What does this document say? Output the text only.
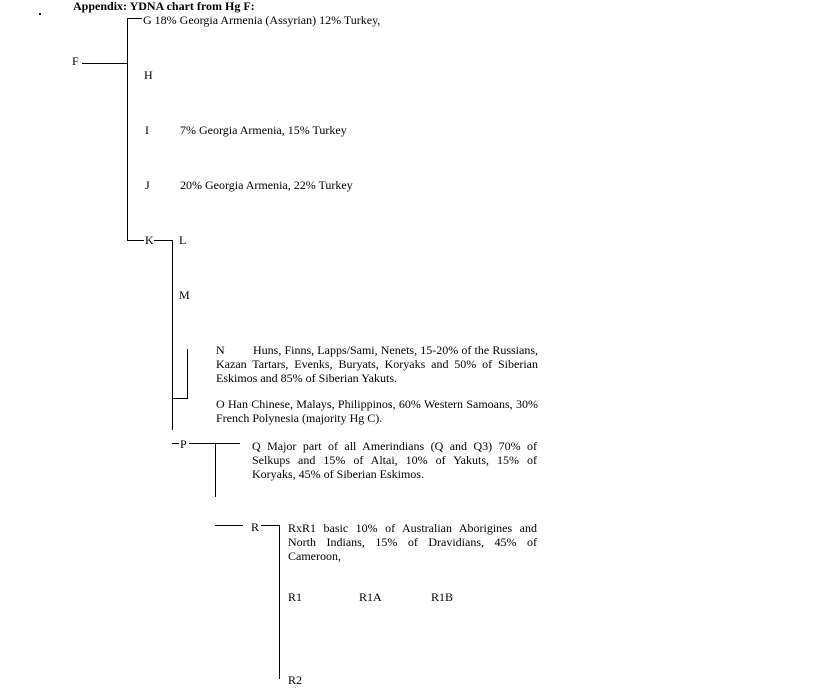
Appendix: YDNA chart from Hg F:
F
G 18% Georgia Armenia (Assyrian) 12% Turkey,
H
I	7% Georgia Armenia, 15% Turkey
J	20% Georgia Armenia, 22% Turkey
K L
M
N	Huns, Finns, Lapps/Sami, Nenets, 15-20% of the Russians, Kazan Tartars, Evenks, Buryats, Koryaks and 50% of Siberian Eskimos and 85% of Siberian Yakuts.
O Han Chinese, Malays, Philippinos, 60% Western Samoans, 30% French Polynesia (majority Hg C).
P	Q Major part of all Amerindians (Q and Q3) 70% of Selkups and 15% of Altai, 10% of Yakuts, 15% of Koryaks, 45% of Siberian Eskimos.
R RxR1 basic 10% of Australian Aborigines and North Indians, 15% of Dravidians, 45% of Cameroon,
R1	R1A	R1B
R2
